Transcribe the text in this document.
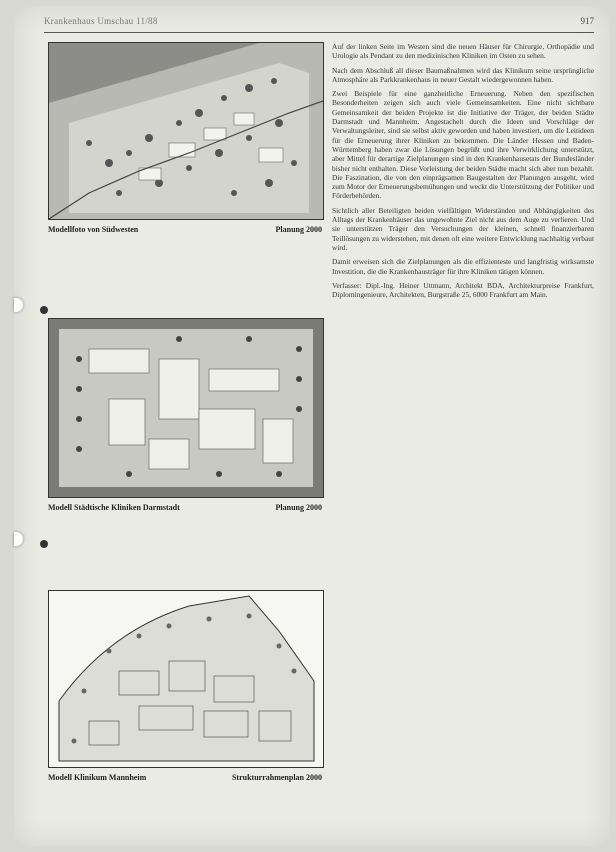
Krankenhaus Umschau 11/88	917
Modellfoto von Südwesten	Planung 2000
Modell Städtische Kliniken Darmstadt	Planung 2000
Modell Klinikum Mannheim	Strukturrahmenplan 2000

Auf der linken Seite im Westen sind die neuen Häuser für Chirurgie, Orthopädie und Urologie als Pendant zu den medizinischen Kliniken im Osten zu sehen.

Nach dem Abschluß all dieser Baumaßnahmen wird das Klinikum seine ursprüngliche Atmosphäre als Parkkrankenhaus in neuer Gestalt wiedergewonnen haben.

Zwei Beispiele für eine ganzheitliche Erneuerung. Neben den spezifischen Besonderheiten zeigen sich auch viele Gemeinsamkeiten. Eine nicht sichtbare Gemeinsamkeit der beiden Projekte ist die Initiative der Träger, der beiden Städte Darmstadt und Mannheim. Angestachelt durch die Ideen und Vorschläge der Verwaltungsleiter, sind sie selbst aktiv geworden und haben investiert, um die Leitideen für die Erneuerung ihrer Kliniken zu bekommen. Die Länder Hessen und Baden-Württemberg haben zwar die Lösungen begrüßt und ihre Verwirklichung unterstützt, aber Mittel für derartige Zielplanungen sind in den Krankenhausetats der Bundesländer bisher nicht enthalten. Diese Vorleistung der beiden Städte macht sich aber nun bezahlt. Die Faszination, die von den einprägsamen Baugestalten der Planungen ausgeht, wird zum Motor der Erneuerungsbemühungen und weckt die Unterstützung der Politiker und Förderbehörden.

Sichtlich aller Beteiligten beiden vielfältigen Widerständen und Abhängigkeiten des Alltags der Krankenhäuser das ungewohnte Ziel nicht aus dem Auge zu verlieren. Und sie unterstützen Träger den Versuchungen der kleinen, schnell finanzierbaren Teillösungen zu widerstehen, mit denen oft eine weitere Entwicklung nachhaltig verbaut wird.

Damit erweisen sich die Zielplanungen als die effizienteste und langfristig wirksamste Investition, die die Krankenhausträger für ihre Kliniken tätigen können.

Verfasser: Dipl.-Ing. Heiner Uttmann, Architekt BDA, Architekturpreise Frankfurt, Diplomingenieure, Architekten, Burgstraße 25, 6000 Frankfurt am Main.
